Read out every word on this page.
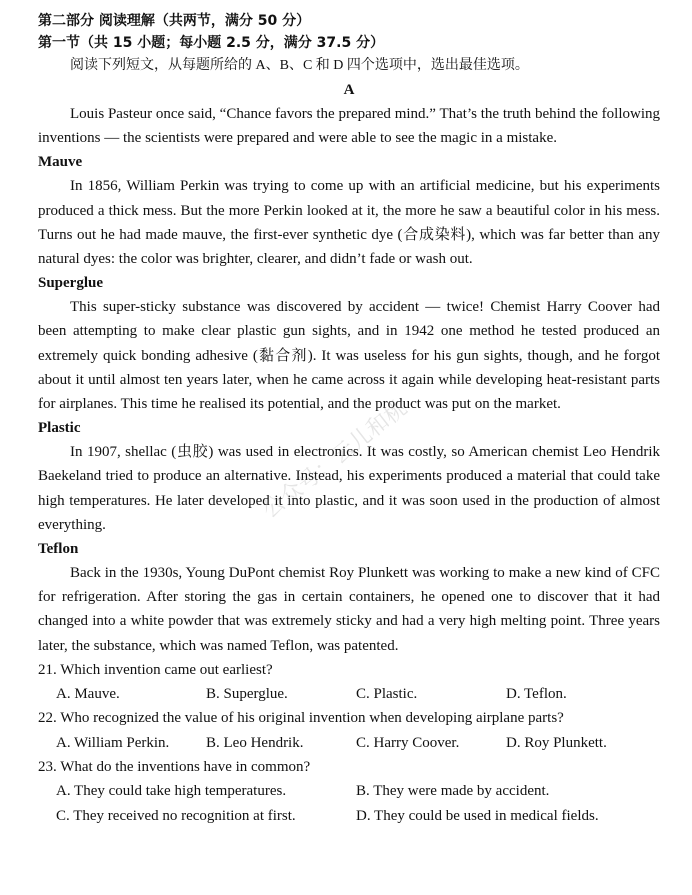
第二部分 阅读理解（共两节，满分 50 分）
第一节（共 15 小题；每小题 2.5 分，满分 37.5 分）
阅读下列短文，从每题所给的 A、B、C 和 D 四个选项中，选出最佳选项。
A

Louis Pasteur once said, “Chance favors the prepared mind.” That’s the truth behind the following inventions — the scientists were prepared and were able to see the magic in a mistake.

Mauve

In 1856, William Perkin was trying to come up with an artificial medicine, but his experiments produced a thick mess. But the more Perkin looked at it, the more he saw a beautiful color in his mess. Turns out he had made mauve, the first-ever synthetic dye (合成染料), which was far better than any natural dyes: the color was brighter, clearer, and didn’t fade or wash out.

Superglue

This super-sticky substance was discovered by accident — twice! Chemist Harry Coover had been attempting to make clear plastic gun sights, and in 1942 one method he tested produced an extremely quick bonding adhesive (黏合剂). It was useless for his gun sights, though, and he forgot about it until almost ten years later, when he came across it again while developing heat-resistant parts for airplanes. This time he realised its potential, and the product was put on the market.

Plastic

In 1907, shellac (虫胶) was used in electronics. It was costly, so American chemist Leo Hendrik Baekeland tried to produce an alternative. Instead, his experiments produced a material that could take high temperatures. He later developed it into plastic, and it was soon used in the production of almost everything.

Teflon

Back in the 1930s, Young DuPont chemist Roy Plunkett was working to make a new kind of CFC for refrigeration. After storing the gas in certain containers, he opened one to discover that it had changed into a white powder that was extremely sticky and had a very high melting point. Three years later, the substance, which was named Teflon, was patented.

21. Which invention came out earliest?

A. Mauve.	B. Superglue.	C. Plastic.	D. Teflon.

22. Who recognized the value of his original invention when developing airplane parts?

A. William Perkin.	B. Leo Hendrik.	C. Harry Coover.	D. Roy Plunkett.

23. What do the inventions have in common?

A. They could take high temperatures.	B. They were made by accident.
C. They received no recognition at first.	D. They could be used in medical fields.
公众号：云儿和桃
